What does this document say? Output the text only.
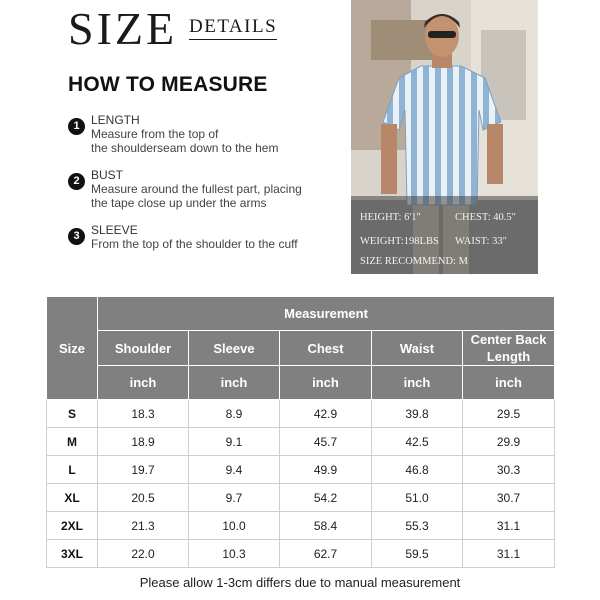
SIZE DETAILS
HOW TO MEASURE
1 LENGTH
Measure from the top of
the shoulderseam down to the hem
2 BUST
Measure around the fullest part, placing
the tape close up under the arms
3 SLEEVE
From the top of the shoulder to the cuff
HEIGHT: 6'1"	CHEST: 40.5"
WEIGHT:198LBS WAIST: 33"
SIZE RECOMMEND: M
Size	Measurement				
	Shoulder	Sleeve	Chest	Waist	Center Back Length
	inch	inch	inch	inch	inch
S	18.3	8.9	42.9	39.8	29.5
M	18.9	9.1	45.7	42.5	29.9
L	19.7	9.4	49.9	46.8	30.3
XL	20.5	9.7	54.2	51.0	30.7
2XL	21.3	10.0	58.4	55.3	31.1
3XL	22.0	10.3	62.7	59.5	31.1
Please allow 1-3cm differs due to manual measurement
